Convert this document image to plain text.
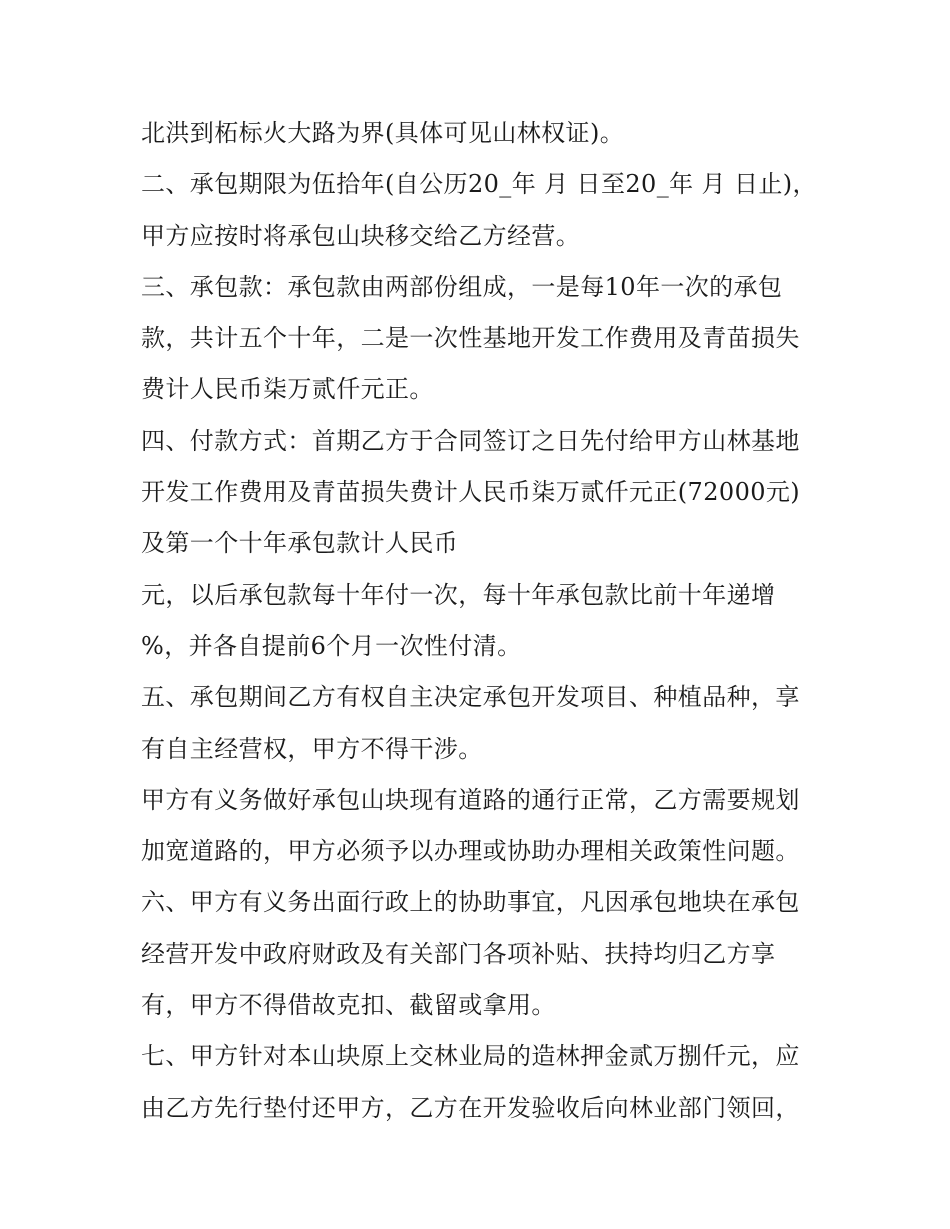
北洪到柘标火大路为界(具体可见山林权证)。
二、承包期限为伍拾年(自公历20_年 月 日至20_年 月 日止)，
甲方应按时将承包山块移交给乙方经营。
三、承包款：承包款由两部份组成，一是每10年一次的承包
款，共计五个十年，二是一次性基地开发工作费用及青苗损失
费计人民币柒万贰仟元正。
四、付款方式：首期乙方于合同签订之日先付给甲方山林基地
开发工作费用及青苗损失费计人民币柒万贰仟元正(72000元)
及第一个十年承包款计人民币
元，以后承包款每十年付一次，每十年承包款比前十年递增
%，并各自提前6个月一次性付清。
五、承包期间乙方有权自主决定承包开发项目、种植品种，享
有自主经营权，甲方不得干涉。
甲方有义务做好承包山块现有道路的通行正常，乙方需要规划
加宽道路的，甲方必须予以办理或协助办理相关政策性问题。
六、甲方有义务出面行政上的协助事宜，凡因承包地块在承包
经营开发中政府财政及有关部门各项补贴、扶持均归乙方享
有，甲方不得借故克扣、截留或拿用。
七、甲方针对本山块原上交林业局的造林押金贰万捌仟元，应
由乙方先行垫付还甲方，乙方在开发验收后向林业部门领回，
